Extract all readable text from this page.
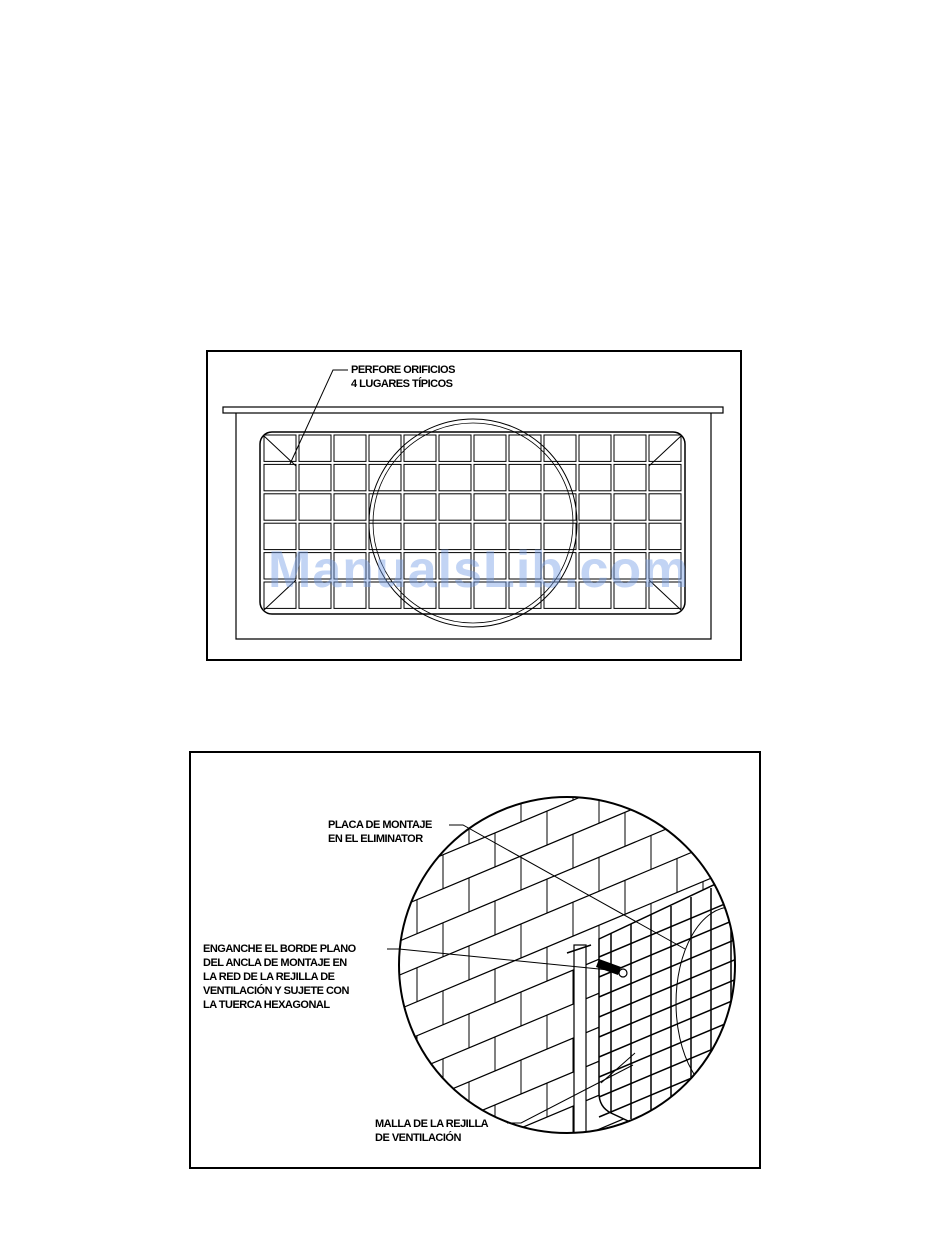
PERFORE ORIFICIOS
4 LUGARES TÍPICOS
PLACA DE MONTAJE
EN EL ELIMINATOR
ENGANCHE EL BORDE PLANO
DEL ANCLA DE MONTAJE EN
LA RED DE LA REJILLA DE
VENTILACIÓN Y SUJETE CON
LA TUERCA HEXAGONAL
MALLA DE LA REJILLA
DE VENTILACIÓN
ManualsLib.com
